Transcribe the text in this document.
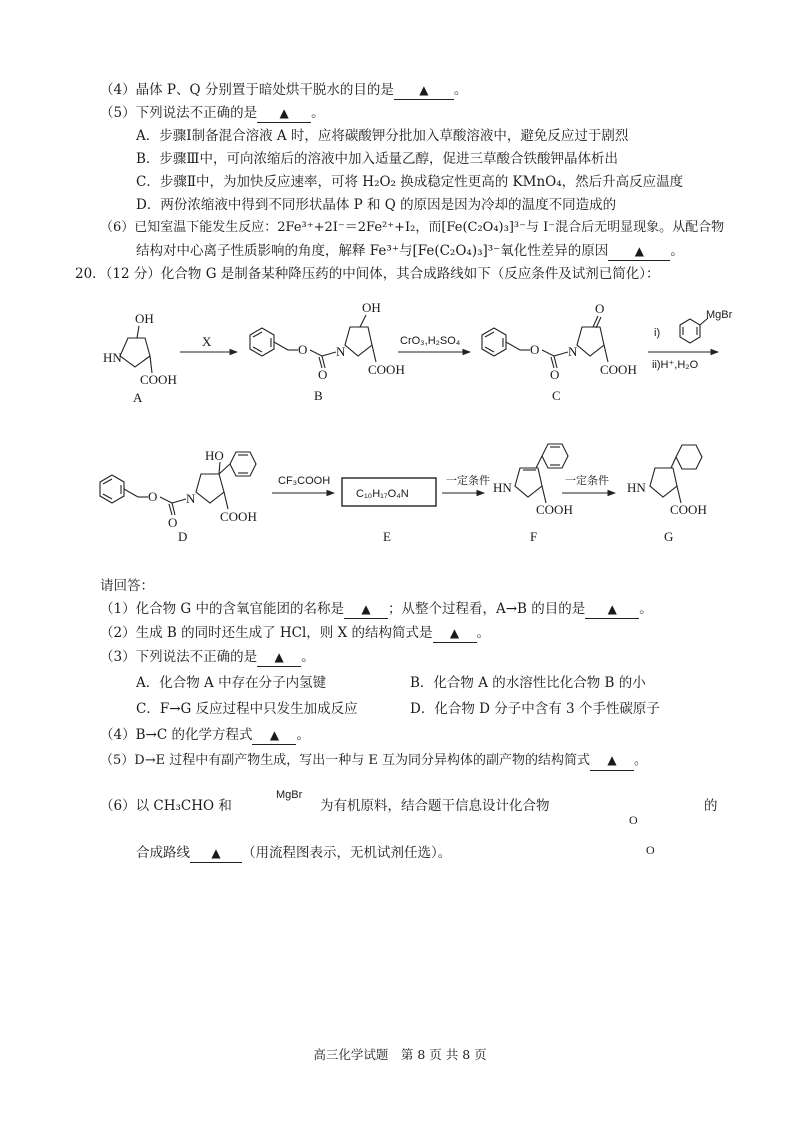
（4）晶体 P、Q 分别置于暗处烘干脱水的目的是 ▲ 。
（5）下列说法不正确的是 ▲ 。
A．步骤Ⅰ制备混合溶液 A 时，应将碳酸钾分批加入草酸溶液中，避免反应过于剧烈
B．步骤Ⅲ中，可向浓缩后的溶液中加入适量乙醇，促进三草酸合铁酸钾晶体析出
C．步骤Ⅱ中，为加快反应速率，可将 H₂O₂ 换成稳定性更高的 KMnO₄，然后升高反应温度
D．两份浓缩液中得到不同形状晶体 P 和 Q 的原因是因为冷却的温度不同造成的
（6）已知室温下能发生反应：2Fe³⁺+2I⁻＝2Fe²⁺+I₂，而[Fe(C₂O₄)₃]³⁻与 I⁻混合后无明显现象。从配合物
结构对中心离子性质影响的角度，解释 Fe³⁺与[Fe(C₂O₄)₃]³⁻氧化性差异的原因 ▲ 。
20．（12 分）化合物 G 是制备某种降压药的中间体，其合成路线如下（反应条件及试剂已简化）：
OH
HN
COOH
A
X
O N
O
OH
COOH
B
CrO₃,H₂SO₄
O N
O
O
COOH
C
i)
MgBr
ii)H⁺,H₂O
O N
O
HO
COOH
D
CF₃COOH
C₁₀H₁₇O₄N
E
一定条件 HN
COOH
F
一定条件 HN
COOH
G
请回答：
（1）化合物 G 中的含氧官能团的名称是 ▲ ；从整个过程看，A→B 的目的是 ▲ 。
（2）生成 B 的同时还生成了 HCl，则 X 的结构简式是 ▲ 。
（3）下列说法不正确的是 ▲ 。
A．化合物 A 中存在分子内氢键	B．化合物 A 的水溶性比化合物 B 的小
C．F→G 反应过程中只发生加成反应	D．化合物 D 分子中含有 3 个手性碳原子
（4）B→C 的化学方程式 ▲ 。
（5）D→E 过程中有副产物生成，写出一种与 E 互为同分异构体的副产物的结构简式 ▲ 。
（6）以 CH₃CHO 和	为有机原料，结合题干信息设计化合物	的
MgBr
O
O
合成路线 ▲ （用流程图表示，无机试剂任选）。
高三化学试题　第 8 页 共 8 页
